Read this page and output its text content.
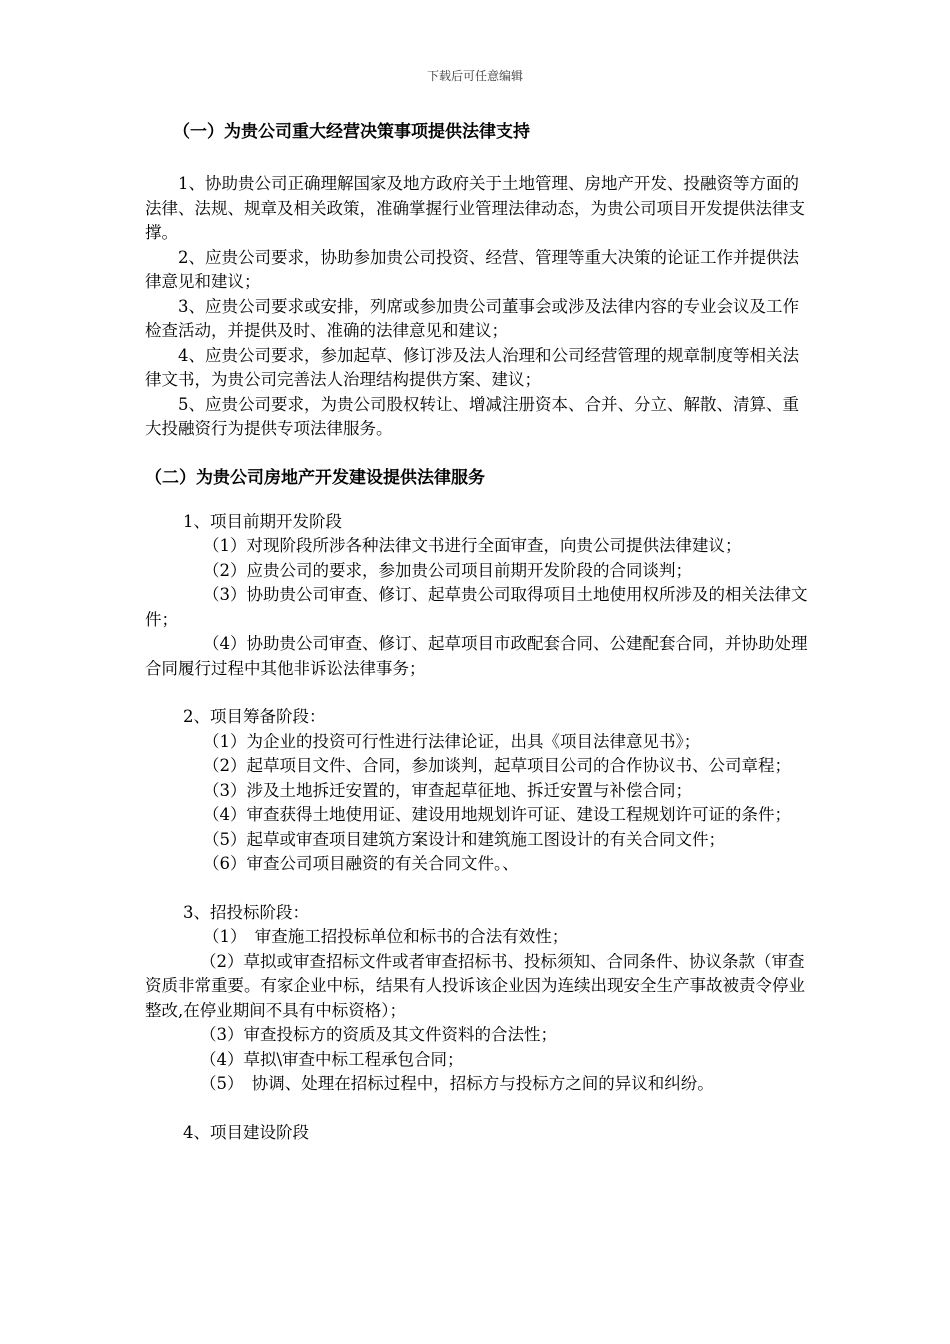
下载后可任意编辑
（一）为贵公司重大经营决策事项提供法律支持

1、协助贵公司正确理解国家及地方政府关于土地管理、房地产开发、投融资等方面的法律、法规、规章及相关政策，准确掌握行业管理法律动态，为贵公司项目开发提供法律支撑。

2、应贵公司要求，协助参加贵公司投资、经营、管理等重大决策的论证工作并提供法律意见和建议；

3、应贵公司要求或安排，列席或参加贵公司董事会或涉及法律内容的专业会议及工作检查活动，并提供及时、准确的法律意见和建议；

4、应贵公司要求，参加起草、修订涉及法人治理和公司经营管理的规章制度等相关法律文书，为贵公司完善法人治理结构提供方案、建议；

5、应贵公司要求，为贵公司股权转让、增减注册资本、合并、分立、解散、清算、重大投融资行为提供专项法律服务。

（二）为贵公司房地产开发建设提供法律服务

1、项目前期开发阶段

（1）对现阶段所涉各种法律文书进行全面审查，向贵公司提供法律建议；

（2）应贵公司的要求，参加贵公司项目前期开发阶段的合同谈判；

（3）协助贵公司审查、修订、起草贵公司取得项目土地使用权所涉及的相关法律文件；

（4）协助贵公司审查、修订、起草项目市政配套合同、公建配套合同，并协助处理合同履行过程中其他非诉讼法律事务；

2、项目筹备阶段：

（1）为企业的投资可行性进行法律论证，出具《项目法律意见书》；

（2）起草项目文件、合同，参加谈判，起草项目公司的合作协议书、公司章程；

（3）涉及土地拆迁安置的，审查起草征地、拆迁安置与补偿合同；

（4）审查获得土地使用证、建设用地规划许可证、建设工程规划许可证的条件；

（5）起草或审查项目建筑方案设计和建筑施工图设计的有关合同文件；

（6）审查公司项目融资的有关合同文件。、

3、招投标阶段：

（1）　审查施工招投标单位和标书的合法有效性；

（2）草拟或审查招标文件或者审查招标书、投标须知、合同条件、协议条款（审查资质非常重要。有家企业中标，结果有人投诉该企业因为连续出现安全生产事故被责令停业整改,在停业期间不具有中标资格）；

（3）审查投标方的资质及其文件资料的合法性；

（4）草拟\审查中标工程承包合同；

（5）　协调、处理在招标过程中，招标方与投标方之间的异议和纠纷。

4、项目建设阶段
